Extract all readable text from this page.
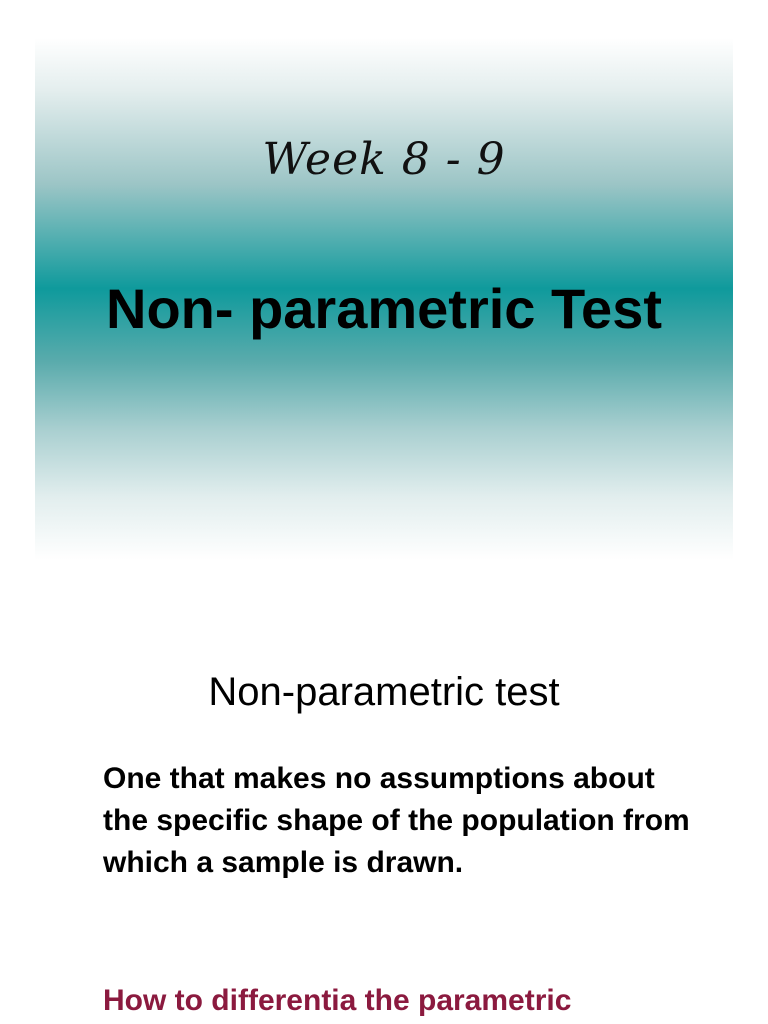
Week 8 - 9
Non- parametric Test
Non-parametric test
One that makes no assumptions about the specific shape of the population from which a sample is drawn.
How to differentia the parametric
